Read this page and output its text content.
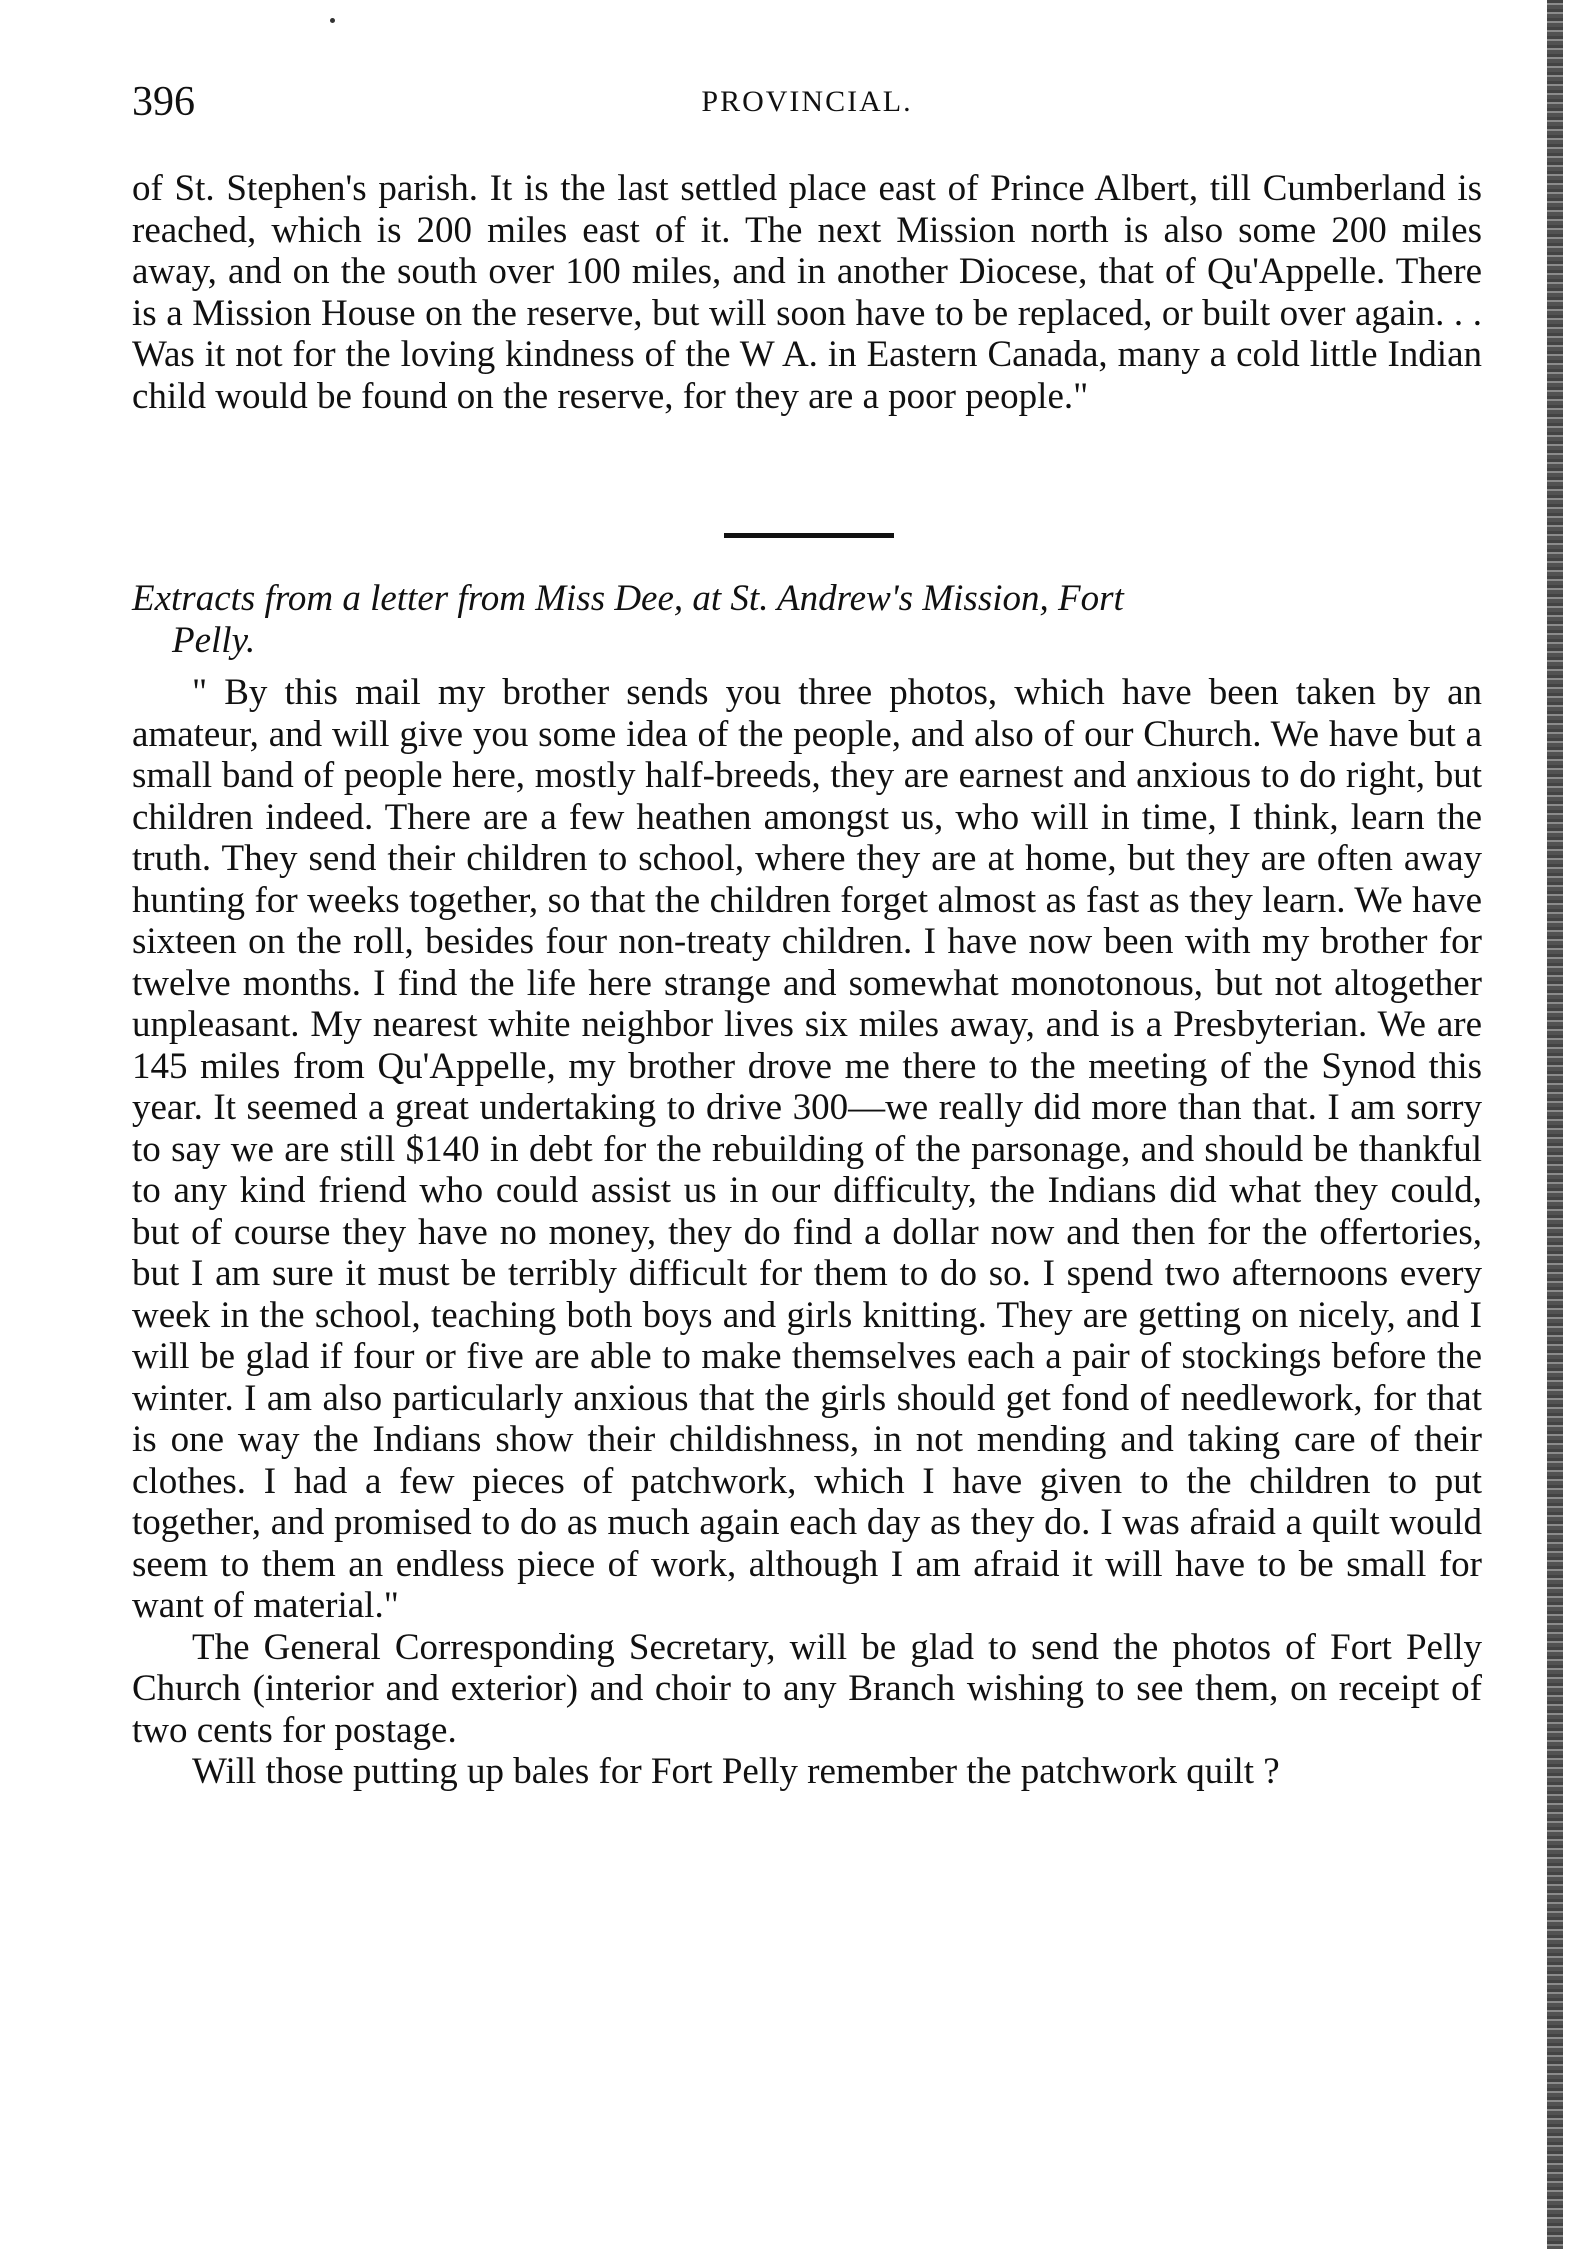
396	PROVINCIAL.

of St. Stephen's parish. It is the last settled place east of Prince Albert, till Cumberland is reached, which is 200 miles east of it. The next Mission north is also some 200 miles away, and on the south over 100 miles, and in another Diocese, that of Qu'Appelle. There is a Mission House on the reserve, but will soon have to be replaced, or built over again. . . Was it not for the loving kindness of the W A. in Eastern Canada, many a cold little Indian child would be found on the reserve, for they are a poor people."

Extracts from a letter from Miss Dee, at St. Andrew's Mission, Fort
Pelly.

" By this mail my brother sends you three photos, which have been taken by an amateur, and will give you some idea of the people, and also of our Church. We have but a small band of people here, mostly half-breeds, they are earnest and anxious to do right, but children indeed. There are a few heathen amongst us, who will in time, I think, learn the truth. They send their children to school, where they are at home, but they are often away hunting for weeks together, so that the children forget almost as fast as they learn. We have sixteen on the roll, besides four non-treaty children. I have now been with my brother for twelve months. I find the life here strange and somewhat monotonous, but not altogether unpleasant. My nearest white neighbor lives six miles away, and is a Presbyterian. We are 145 miles from Qu'Appelle, my brother drove me there to the meeting of the Synod this year. It seemed a great undertaking to drive 300—we really did more than that. I am sorry to say we are still $140 in debt for the rebuilding of the parsonage, and should be thankful to any kind friend who could assist us in our difficulty, the Indians did what they could, but of course they have no money, they do find a dollar now and then for the offertories, but I am sure it must be terribly difficult for them to do so. I spend two afternoons every week in the school, teaching both boys and girls knitting. They are getting on nicely, and I will be glad if four or five are able to make themselves each a pair of stockings before the winter. I am also particularly anxious that the girls should get fond of needlework, for that is one way the Indians show their childishness, in not mending and taking care of their clothes. I had a few pieces of patchwork, which I have given to the children to put together, and promised to do as much again each day as they do. I was afraid a quilt would seem to them an endless piece of work, although I am afraid it will have to be small for want of material."

The General Corresponding Secretary, will be glad to send the photos of Fort Pelly Church (interior and exterior) and choir to any Branch wishing to see them, on receipt of two cents for postage.

Will those putting up bales for Fort Pelly remember the patchwork quilt ?
